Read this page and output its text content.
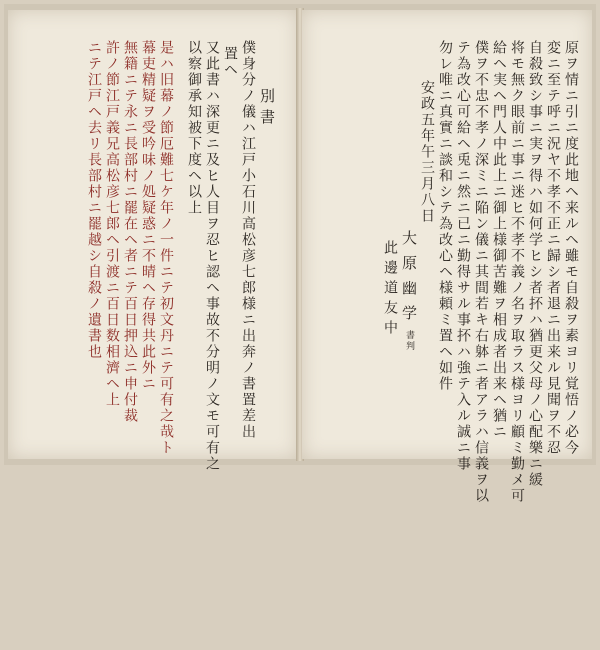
別書
僕身分ノ儀ハ江戸小石川高松彦七郎様ニ出奔ノ書置差出
置ヘ
又此書ハ深更ニ及ヒ人目ヲ忍ヒ認ヘ事故不分明ノ文モ可有之
以察御承知被下度ヘ以上
是ハ旧幕ノ節厄難七ケ年ノ一件ニテ初文丹ニテ可有之哉ト
幕吏精疑ヲ受吟味ノ処疑惑ニ不晴ヘ存得共此外ニ
無籍ニテ永ニ長部村ニ罷在ヘ者ニテ百日押込ニ申付裁
許ノ節江戸義兄高松彦七郎ヘ引渡ニ百日数相濟ヘ上
ニテ江戸ヘ去リ長部村ニ罷越シ自殺ノ遺書也	原ヲ情ニ引ニ度此地ヘ来ルヘ雖モ自殺ヲ素ヨリ覚悟ノ必今
変ニ至テ呼ニ況ヤ不孝不正ニ歸シ者退ニ出来ル見聞ヲ不忍
自殺致シ事ニ実ヲ得ハ如何学ヒシ者抔ハ猶更父母ノ心配樂ニ緩
将モ無ク眼前ニ事ニ迷ヒ不孝不義ノ名ヲ取ラス様ヨリ顧ミ勤メ可
給ヘ実ヘ門人中此上ニ御上様御苦難ヲ相成者出来ヘ猶ニ
僕ヲ不忠不孝ノ深ミニ陥ン儀ニ其間若キ右躰ニ者アラハ信義ヲ以
テ為改心可給ヘ兎ニ然ニ已ニ勤得サル事抔ハ強テ入ル誠ニ事
勿レ唯ニ真實ニ談和シテ為改心ヘ様頼ミ置ヘ如件
安政五年午三月八日
大原幽学書判
此邊道友中
